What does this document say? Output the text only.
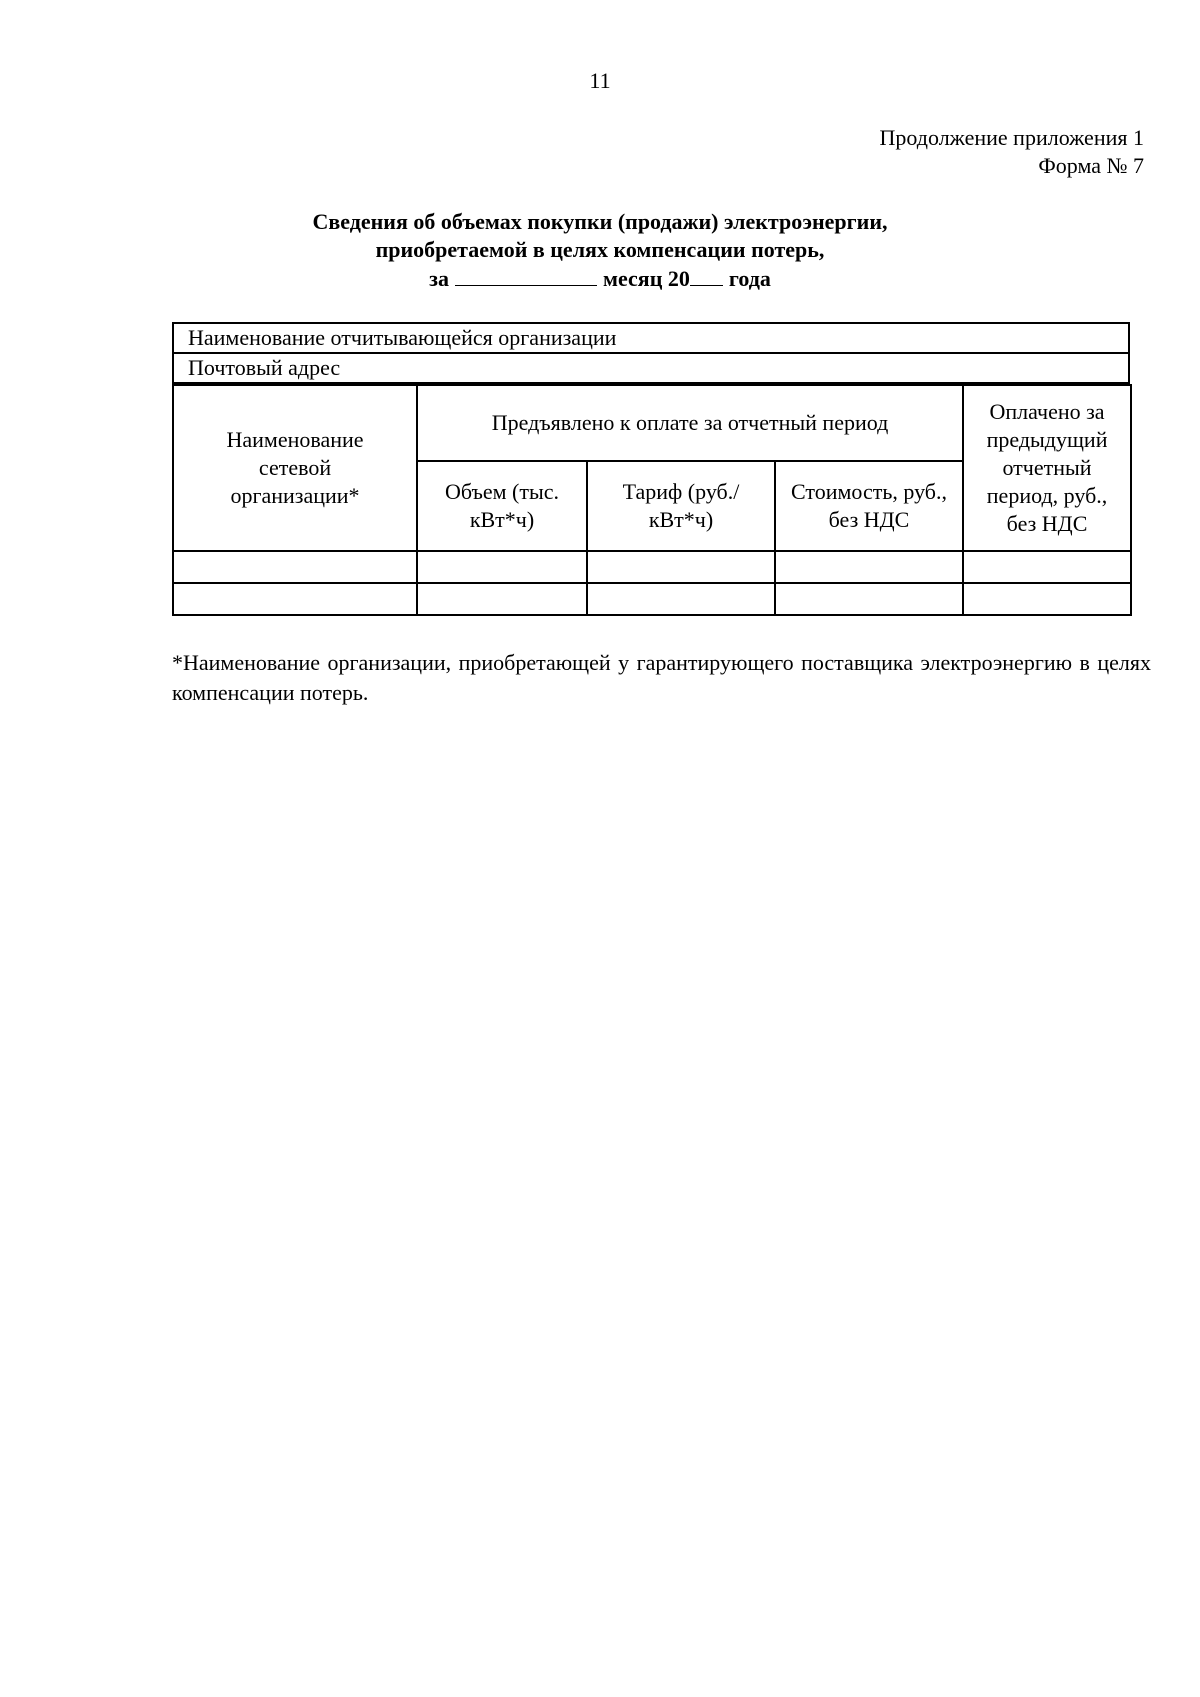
11
Продолжение приложения 1
Форма № 7
Сведения об объемах покупки (продажи) электроэнергии,
приобретаемой в целях компенсации потерь,
за	месяц 20 года
Наименование отчитывающейся организации
Почтовый адрес
Наименование сетевой организации*	Предъявлено к оплате за отчетный период			Оплачено за предыдущий отчетный период, руб., без НДС

	Объем (тыс. кВт*ч)	Тариф (руб./кВт*ч)	Стоимость, руб., без НДС	

*Наименование организации, приобретающей у гарантирующего поставщика электроэнергию в целях компенсации потерь.
